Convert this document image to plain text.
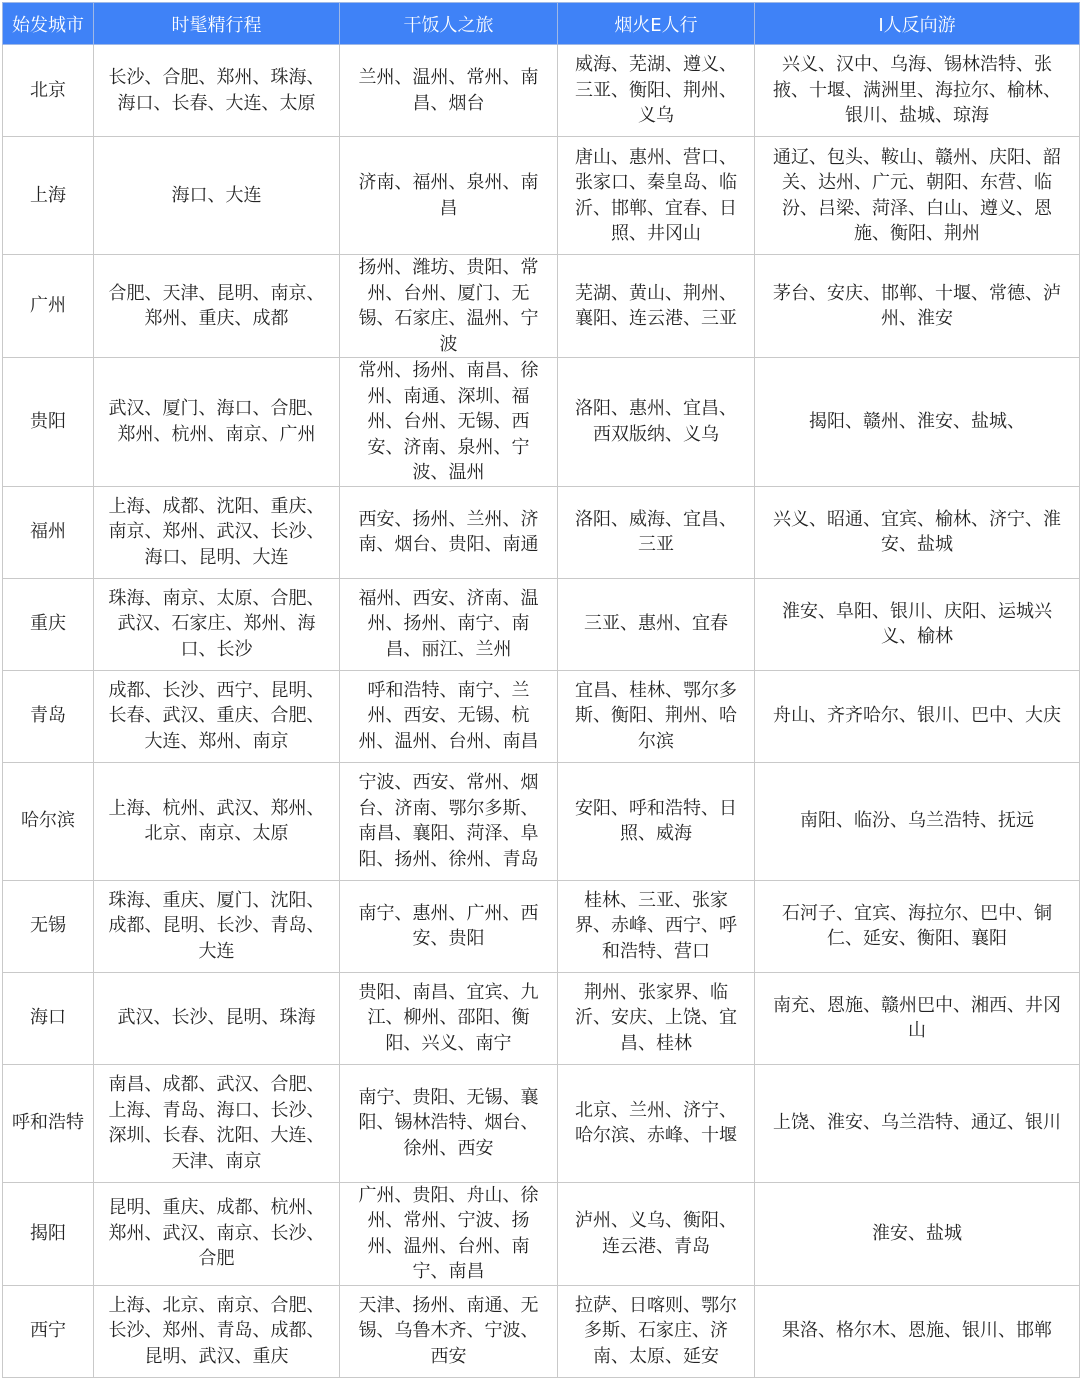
始发城市	时髦精行程	干饭人之旅	烟火E人行	I人反向游
北京	长沙、合肥、郑州、珠海、海口、长春、大连、太原	兰州、温州、常州、南昌、烟台	威海、芜湖、遵义、三亚、衡阳、荆州、义乌	兴义、汉中、乌海、锡林浩特、张掖、十堰、满洲里、海拉尔、榆林、银川、盐城、琼海
上海	海口、大连	济南、福州、泉州、南昌	唐山、惠州、营口、张家口、秦皇岛、临沂、邯郸、宜春、日照、井冈山	通辽、包头、鞍山、赣州、庆阳、韶关、达州、广元、朝阳、东营、临汾、吕梁、菏泽、白山、遵义、恩施、衡阳、荆州
广州	合肥、天津、昆明、南京、郑州、重庆、成都	扬州、潍坊、贵阳、常州、台州、厦门、无锡、石家庄、温州、宁波	芜湖、黄山、荆州、襄阳、连云港、三亚	茅台、安庆、邯郸、十堰、常德、泸州、淮安
贵阳	武汉、厦门、海口、合肥、郑州、杭州、南京、广州	常州、扬州、南昌、徐州、南通、深圳、福州、台州、无锡、西安、济南、泉州、宁波、温州	洛阳、惠州、宜昌、西双版纳、义乌	揭阳、赣州、淮安、盐城、
福州	上海、成都、沈阳、重庆、南京、郑州、武汉、长沙、海口、昆明、大连	西安、扬州、兰州、济南、烟台、贵阳、南通	洛阳、威海、宜昌、三亚	兴义、昭通、宜宾、榆林、济宁、淮安、盐城
重庆	珠海、南京、太原、合肥、武汉、石家庄、郑州、海口、长沙	福州、西安、济南、温州、扬州、南宁、南昌、丽江、兰州	三亚、惠州、宜春	淮安、阜阳、银川、庆阳、运城兴义、榆林
青岛	成都、长沙、西宁、昆明、长春、武汉、重庆、合肥、大连、郑州、南京	呼和浩特、南宁、兰州、西安、无锡、杭州、温州、台州、南昌	宜昌、桂林、鄂尔多斯、衡阳、荆州、哈尔滨	舟山、齐齐哈尔、银川、巴中、大庆
哈尔滨	上海、杭州、武汉、郑州、北京、南京、太原	宁波、西安、常州、烟台、济南、鄂尔多斯、南昌、襄阳、菏泽、阜阳、扬州、徐州、青岛	安阳、呼和浩特、日照、威海	南阳、临汾、乌兰浩特、抚远
无锡	珠海、重庆、厦门、沈阳、成都、昆明、长沙、青岛、大连	南宁、惠州、广州、西安、贵阳	桂林、三亚、张家界、赤峰、西宁、呼和浩特、营口	石河子、宜宾、海拉尔、巴中、铜仁、延安、衡阳、襄阳
海口	武汉、长沙、昆明、珠海	贵阳、南昌、宜宾、九江、柳州、邵阳、衡阳、兴义、南宁	荆州、张家界、临沂、安庆、上饶、宜昌、桂林	南充、恩施、赣州巴中、湘西、井冈山
呼和浩特	南昌、成都、武汉、合肥、上海、青岛、海口、长沙、深圳、长春、沈阳、大连、天津、南京	南宁、贵阳、无锡、襄阳、锡林浩特、烟台、徐州、西安	北京、兰州、济宁、哈尔滨、赤峰、十堰	上饶、淮安、乌兰浩特、通辽、银川
揭阳	昆明、重庆、成都、杭州、郑州、武汉、南京、长沙、合肥	广州、贵阳、舟山、徐州、常州、宁波、扬州、温州、台州、南宁、南昌	泸州、义乌、衡阳、连云港、青岛	淮安、盐城
西宁	上海、北京、南京、合肥、长沙、郑州、青岛、成都、昆明、武汉、重庆	天津、扬州、南通、无锡、乌鲁木齐、宁波、西安	拉萨、日喀则、鄂尔多斯、石家庄、济南、太原、延安	果洛、格尔木、恩施、银川、邯郸
